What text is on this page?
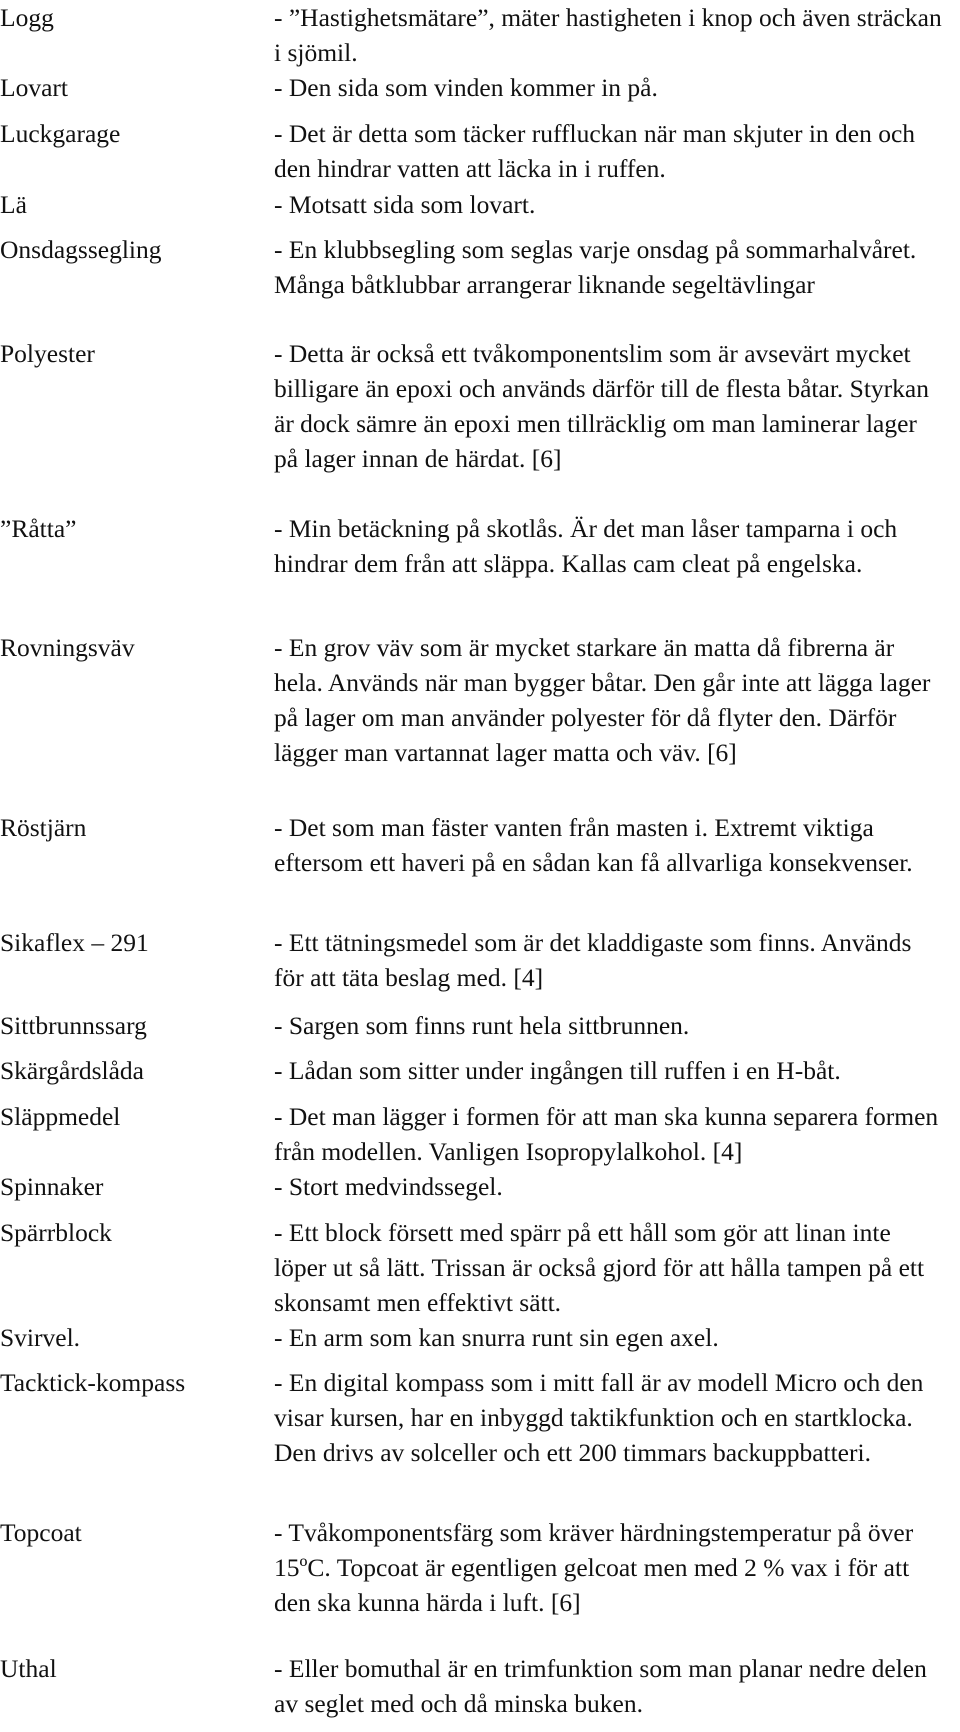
Logg	- ”Hastighetsmätare”, mäter hastigheten i knop och även sträckan i sjömil.
Lovart	- Den sida som vinden kommer in på.
Luckgarage	- Det är detta som täcker ruffluckan när man skjuter in den och den hindrar vatten att läcka in i ruffen.
Lä	- Motsatt sida som lovart.
Onsdagssegling	- En klubbsegling som seglas varje onsdag på sommarhalvåret. Många båtklubbar arrangerar liknande segeltävlingar
Polyester	- Detta är också ett tvåkomponentslim som är avsevärt mycket billigare än epoxi och används därför till de flesta båtar. Styrkan är dock sämre än epoxi men tillräcklig om man laminerar lager på lager innan de härdat. [6]
”Råtta”	- Min betäckning på skotlås. Är det man låser tamparna i och hindrar dem från att släppa. Kallas cam cleat på engelska.
Rovningsväv	- En grov väv som är mycket starkare än matta då fibrerna är hela. Används när man bygger båtar. Den går inte att lägga lager på lager om man använder polyester för då flyter den. Därför lägger man vartannat lager matta och väv. [6]
Röstjärn	- Det som man fäster vanten från masten i. Extremt viktiga eftersom ett haveri på en sådan kan få allvarliga konsekvenser.
Sikaflex – 291	- Ett tätningsmedel som är det kladdigaste som finns. Används för att täta beslag med. [4]
Sittbrunnssarg	- Sargen som finns runt hela sittbrunnen.
Skärgårdslåda	- Lådan som sitter under ingången till ruffen i en H-båt.
Släppmedel	- Det man lägger i formen för att man ska kunna separera formen från modellen. Vanligen Isopropylalkohol. [4]
Spinnaker	- Stort medvindssegel.
Spärrblock	- Ett block försett med spärr på ett håll som gör att linan inte löper ut så lätt. Trissan är också gjord för att hålla tampen på ett skonsamt men effektivt sätt.
Svirvel.	- En arm som kan snurra runt sin egen axel.
Tacktick-kompass	- En digital kompass som i mitt fall är av modell Micro och den visar kursen, har en inbyggd taktikfunktion och en startklocka. Den drivs av solceller och ett 200 timmars backuppbatteri.
Topcoat	- Tvåkomponentsfärg som kräver härdningstemperatur på över 15ºC. Topcoat är egentligen gelcoat men med 2 % vax i för att den ska kunna härda i luft. [6]
Uthal	- Eller bomuthal är en trimfunktion som man planar nedre delen av seglet med och då minska buken.
